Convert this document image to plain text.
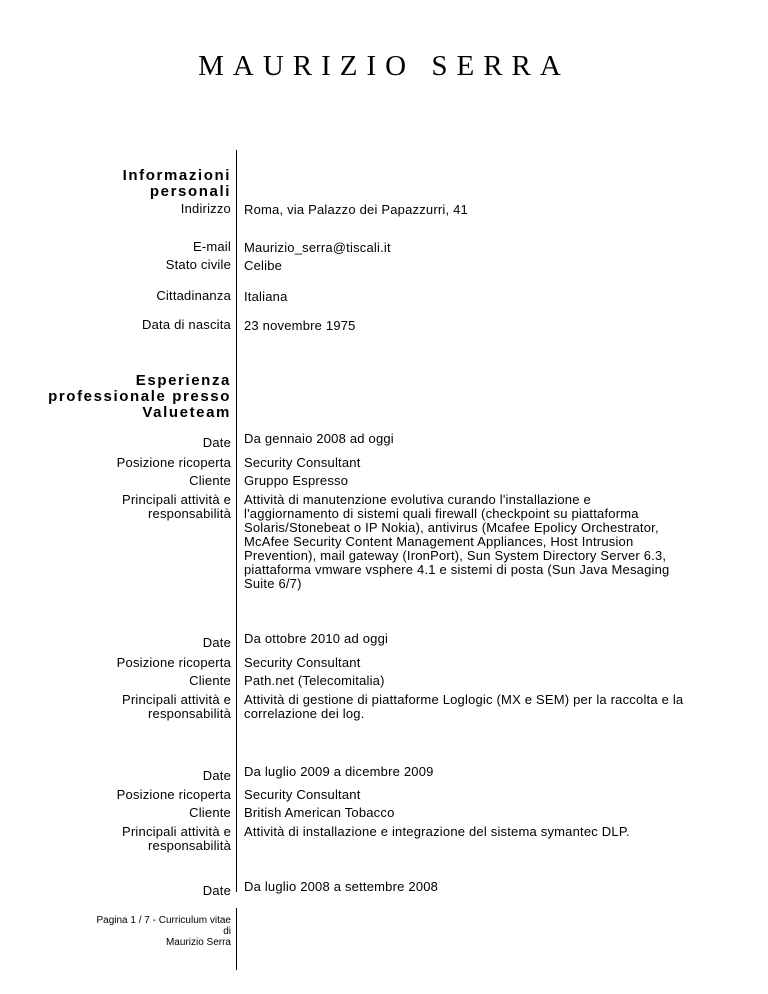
MAURIZIO SERRA
Informazioni
personali
Indirizzo Roma, via Palazzo dei Papazzurri, 41
E-mail Maurizio_serra@tiscali.it
Stato civile Celibe
Cittadinanza Italiana
Data di nascita 23 novembre 1975
Esperienza
professionale presso
Valueteam
Date Da gennaio 2008 ad oggi
Posizione ricoperta Security Consultant
Cliente Gruppo Espresso
Principali attività e
responsabilità
Attività di manutenzione evolutiva curando l'installazione e
l'aggiornamento di sistemi quali firewall (checkpoint su piattaforma
Solaris/Stonebeat o IP Nokia), antivirus (Mcafee Epolicy Orchestrator,
McAfee Security Content Management Appliances, Host Intrusion
Prevention), mail gateway (IronPort), Sun System Directory Server 6.3,
piattaforma vmware vsphere 4.1 e sistemi di posta (Sun Java Mesaging
Suite 6/7)
Date Da ottobre 2010 ad oggi
Posizione ricoperta Security Consultant
Cliente Path.net (Telecomitalia)
Principali attività e
responsabilità
Attività di gestione di piattaforme Loglogic (MX e SEM) per la raccolta e la
correlazione dei log.
Date Da luglio 2009 a dicembre 2009
Posizione ricoperta Security Consultant
Cliente British American Tobacco
Principali attività e
responsabilità
Attività di installazione e integrazione del sistema symantec DLP.
Date Da luglio 2008 a settembre 2008
Pagina 1 / 7 - Curriculum vitae
di
Maurizio Serra
